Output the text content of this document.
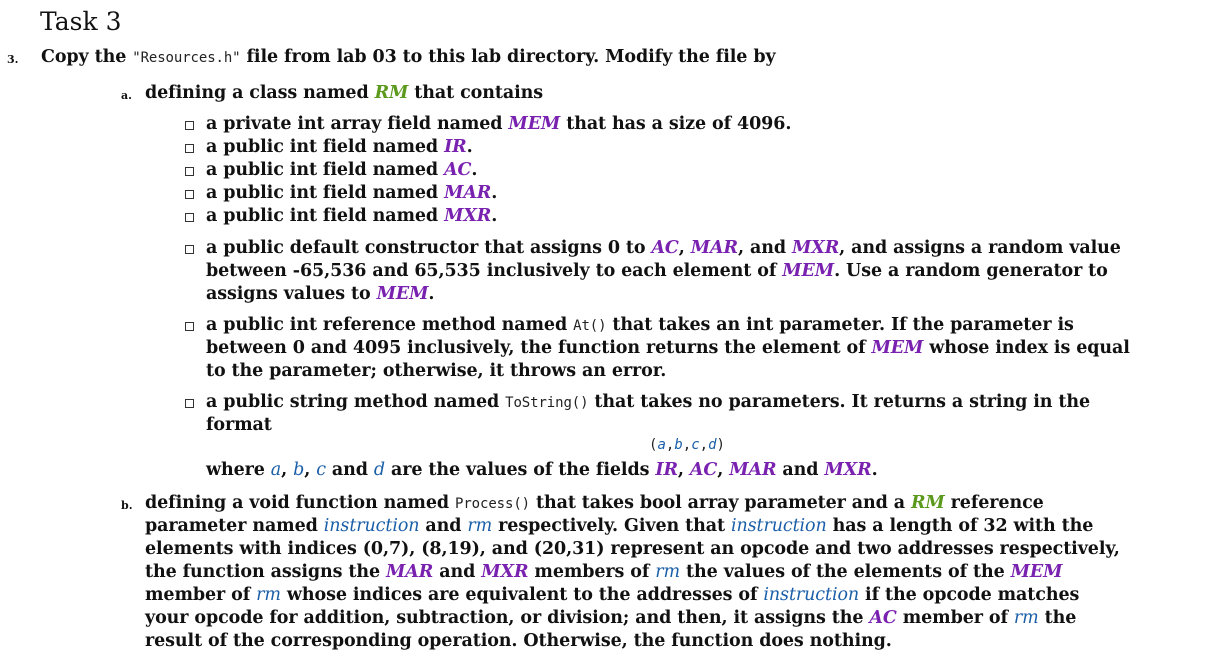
Task 3
3. Copy the "Resources.h" file from lab 03 to this lab directory. Modify the file by

a. defining a class named RM that contains

a private int array field named MEM that has a size of 4096.

a public int field named IR.

a public int field named AC.

a public int field named MAR.

a public int field named MXR.

a public default constructor that assigns 0 to AC, MAR, and MXR, and assigns a random value

between -65,536 and 65,535 inclusively to each element of MEM. Use a random generator to

assigns values to MEM.

a public int reference method named At() that takes an int parameter. If the parameter is

between 0 and 4095 inclusively, the function returns the element of MEM whose index is equal

to the parameter; otherwise, it throws an error.

a public string method named ToString() that takes no parameters. It returns a string in the

format

(a,b,c,d)

where a, b, c and d are the values of the fields IR, AC, MAR and MXR.

b. defining a void function named Process() that takes bool array parameter and a RM reference

parameter named instruction and rm respectively. Given that instruction has a length of 32 with the

elements with indices (0,7), (8,19), and (20,31) represent an opcode and two addresses respectively,

the function assigns the MAR and MXR members of rm the values of the elements of the MEM

member of rm whose indices are equivalent to the addresses of instruction if the opcode matches

your opcode for addition, subtraction, or division; and then, it assigns the AC member of rm the

result of the corresponding operation. Otherwise, the function does nothing.
